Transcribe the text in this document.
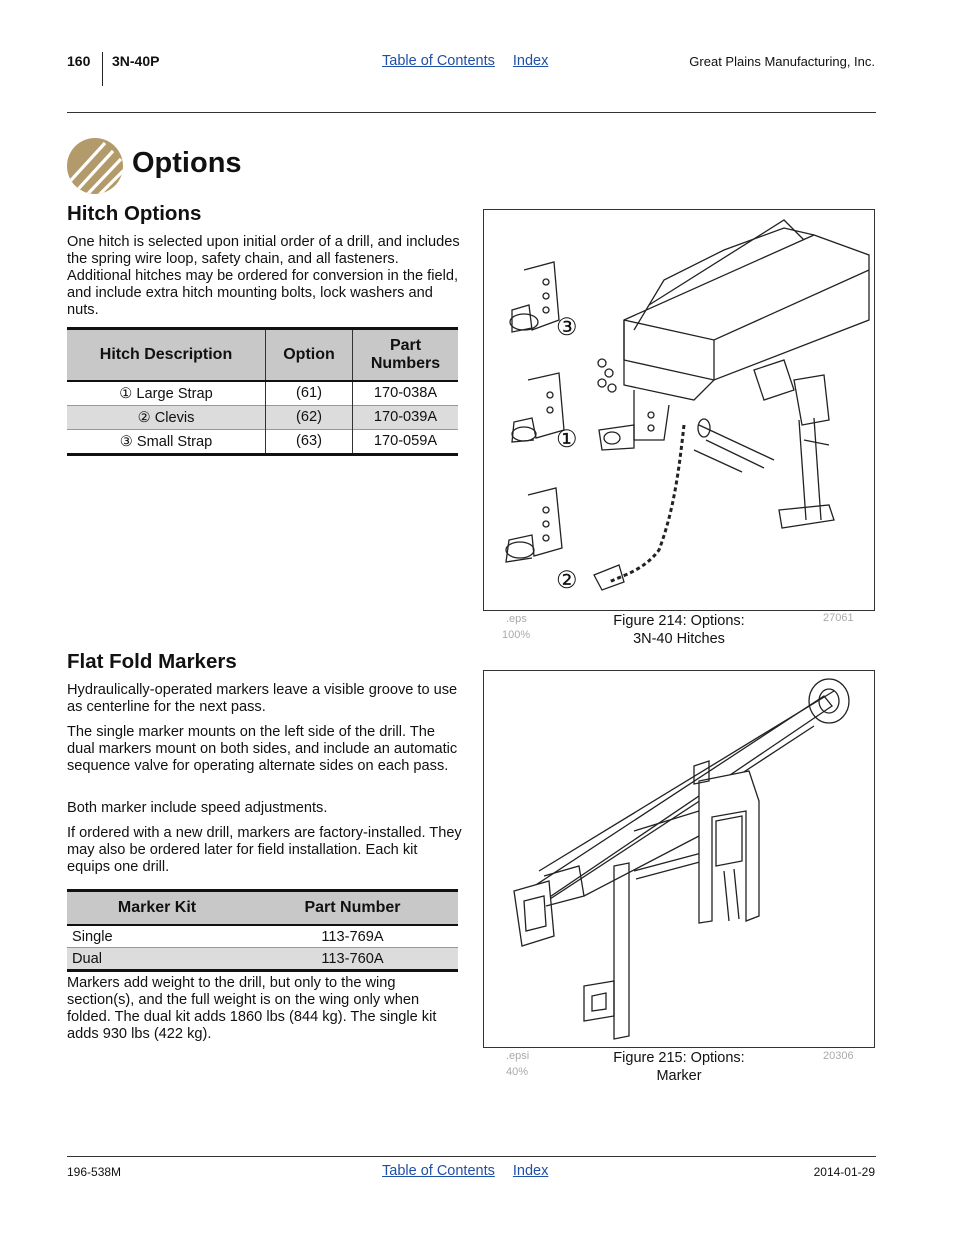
160 3N-40P	Table of Contents Index	Great Plains Manufacturing, Inc.
Options
Hitch Options

One hitch is selected upon initial order of a drill, and includes the spring wire loop, safety chain, and all fasteners. Additional hitches may be ordered for conversion in the field, and include extra hitch mounting bolts, lock washers and nuts.

Hitch Description	Option	Part Numbers
① Large Strap	(61)	170-038A
② Clevis	(62)	170-039A
③ Small Strap	(63)	170-059A
③
①
②
.eps
100%
Figure 214: Options:
3N-40 Hitches
27061
Flat Fold Markers

Hydraulically-operated markers leave a visible groove to use as centerline for the next pass.

The single marker mounts on the left side of the drill. The dual markers mount on both sides, and include an automatic sequence valve for operating alternate sides on each pass.

Both marker include speed adjustments.

If ordered with a new drill, markers are factory-installed. They may also be ordered later for field installation. Each kit equips one drill.

Marker Kit	Part Number
Single	113-769A
Dual	113-760A

Markers add weight to the drill, but only to the wing section(s), and the full weight is on the wing only when folded. The dual kit adds 1860 lbs (844 kg). The single kit adds 930 lbs (422 kg).

.epsi
40%
Figure 215: Options:
Marker
20306
196-538M	Table of Contents Index	2014-01-29
